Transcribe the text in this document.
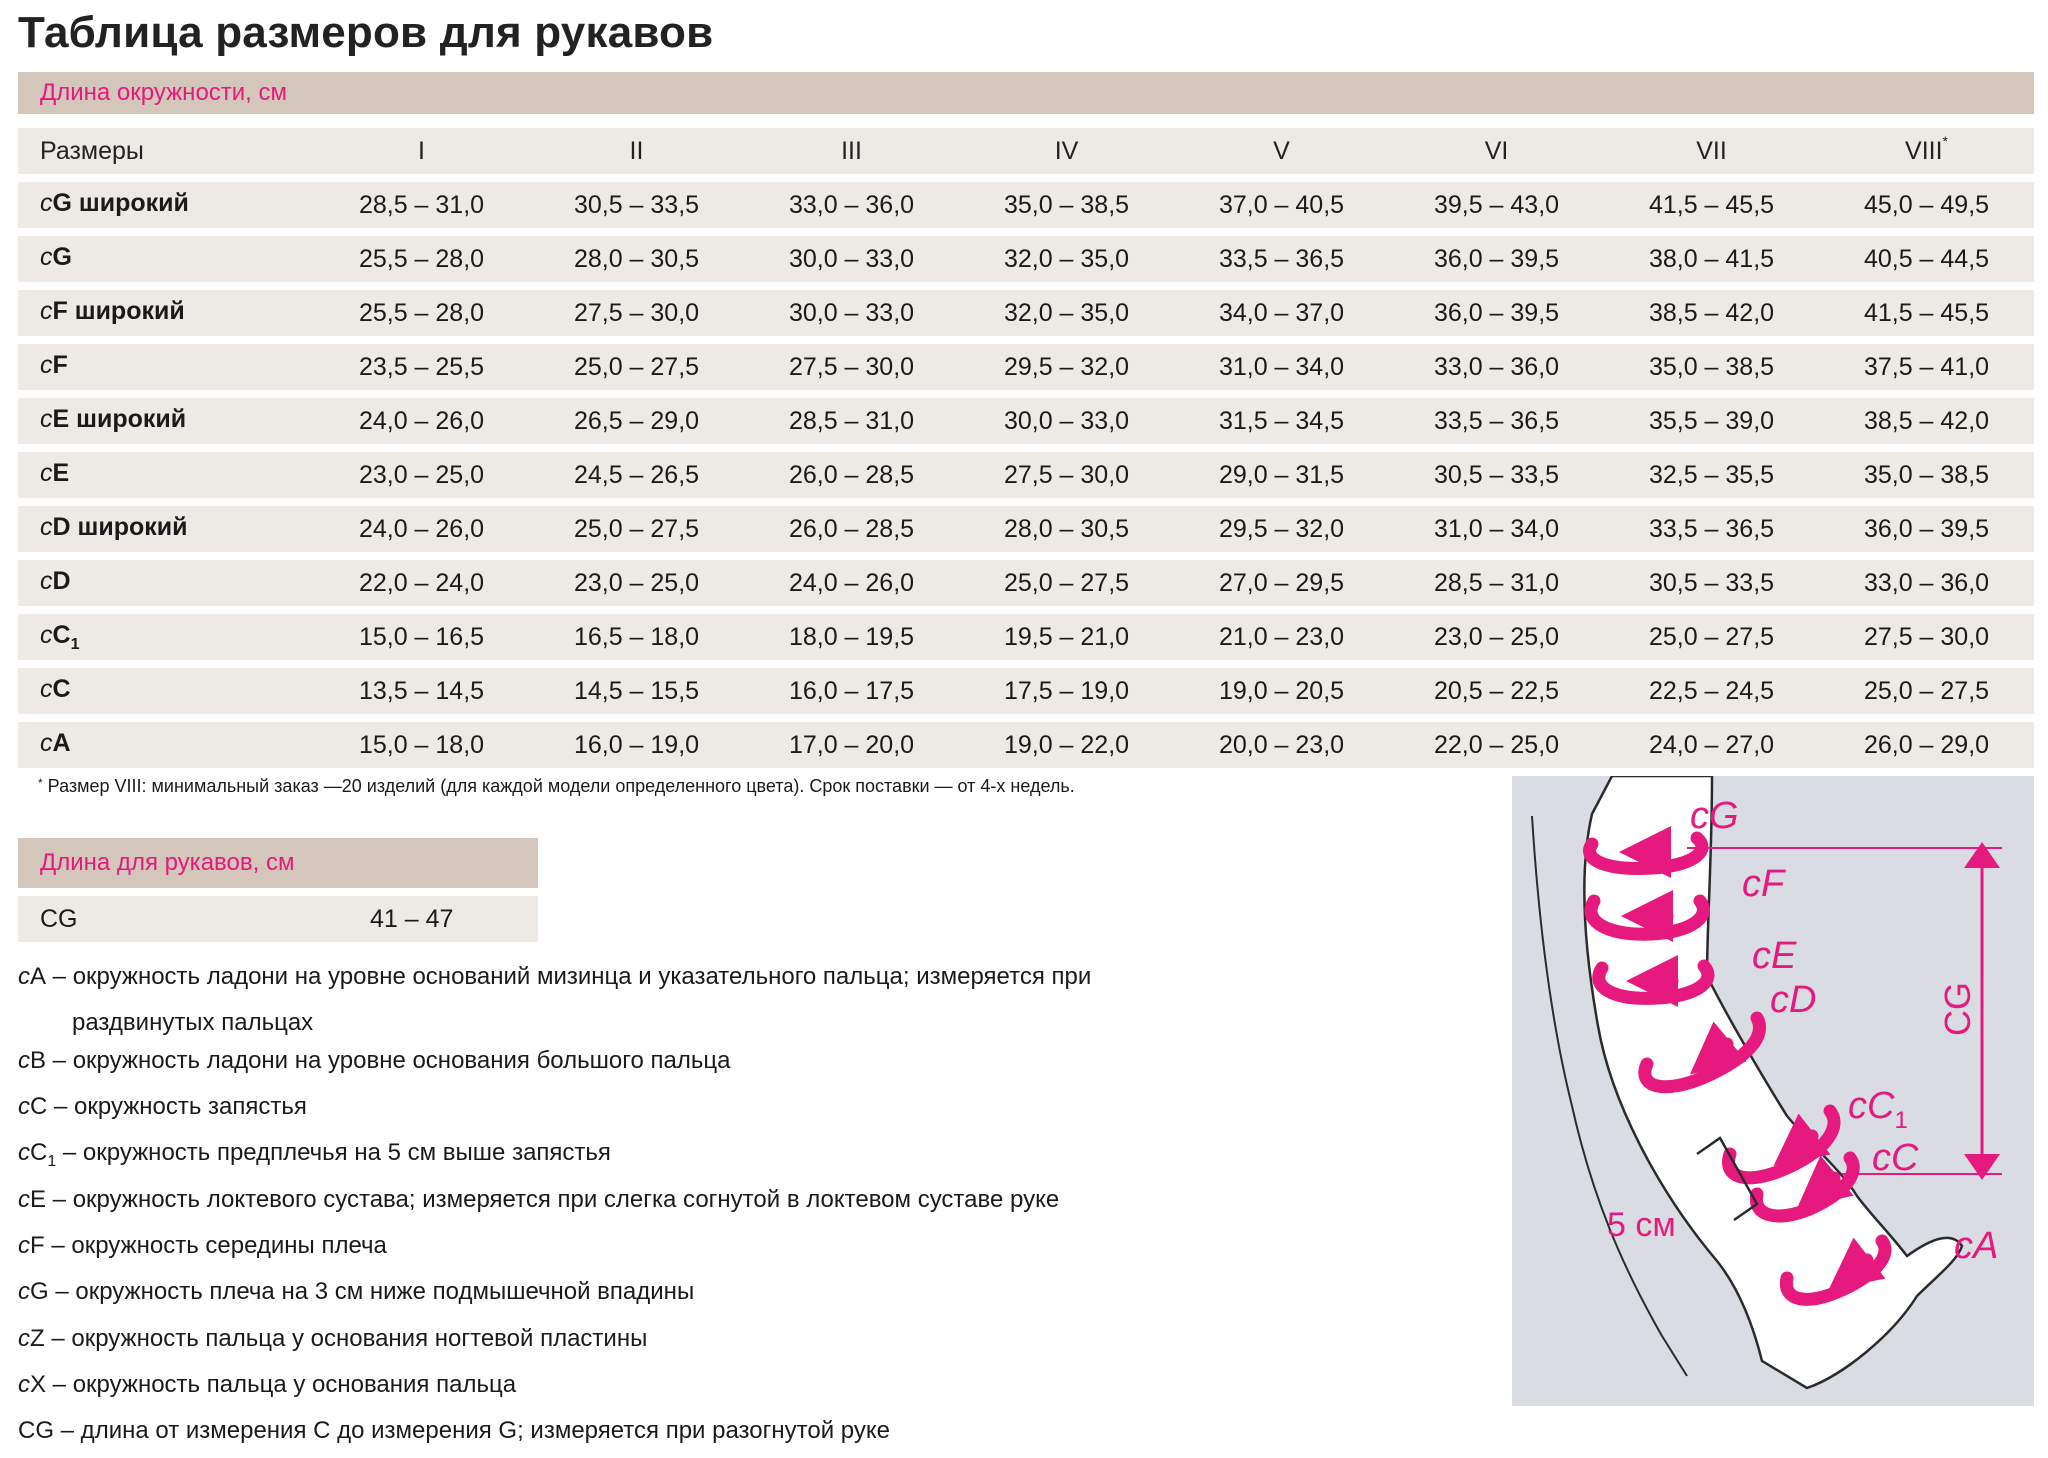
Таблица размеров для рукавов
Длина окружности, см
Размеры	I	II	III	IV	V	VI	VII	VIII*
cG широкий	28,5 – 31,0	30,5 – 33,5	33,0 – 36,0	35,0 – 38,5	37,0 – 40,5	39,5 – 43,0	41,5 – 45,5	45,0 – 49,5
cG	25,5 – 28,0	28,0 – 30,5	30,0 – 33,0	32,0 – 35,0	33,5 – 36,5	36,0 – 39,5	38,0 – 41,5	40,5 – 44,5
cF широкий	25,5 – 28,0	27,5 – 30,0	30,0 – 33,0	32,0 – 35,0	34,0 – 37,0	36,0 – 39,5	38,5 – 42,0	41,5 – 45,5
cF	23,5 – 25,5	25,0 – 27,5	27,5 – 30,0	29,5 – 32,0	31,0 – 34,0	33,0 – 36,0	35,0 – 38,5	37,5 – 41,0
cE широкий	24,0 – 26,0	26,5 – 29,0	28,5 – 31,0	30,0 – 33,0	31,5 – 34,5	33,5 – 36,5	35,5 – 39,0	38,5 – 42,0
cE	23,0 – 25,0	24,5 – 26,5	26,0 – 28,5	27,5 – 30,0	29,0 – 31,5	30,5 – 33,5	32,5 – 35,5	35,0 – 38,5
cD широкий	24,0 – 26,0	25,0 – 27,5	26,0 – 28,5	28,0 – 30,5	29,5 – 32,0	31,0 – 34,0	33,5 – 36,5	36,0 – 39,5
cD	22,0 – 24,0	23,0 – 25,0	24,0 – 26,0	25,0 – 27,5	27,0 – 29,5	28,5 – 31,0	30,5 – 33,5	33,0 – 36,0
$cC_1$	15,0 – 16,5	16,5 – 18,0	18,0 – 19,5	19,5 – 21,0	21,0 – 23,0	23,0 – 25,0	25,0 – 27,5	27,5 – 30,0
cC	13,5 – 14,5	14,5 – 15,5	16,0 – 17,5	17,5 – 19,0	19,0 – 20,5	20,5 – 22,5	22,5 – 24,5	25,0 – 27,5
cA	15,0 – 18,0	16,0 – 19,0	17,0 – 20,0	19,0 – 22,0	20,0 – 23,0	22,0 – 25,0	24,0 – 27,0	26,0 – 29,0
* Размер VIII: минимальный заказ —20 изделий (для каждой модели определенного цвета). Срок поставки — от 4-х недель.
Длина для рукавов, см
CG	41 – 47
cA – окружность ладони на уровне оснований мизинца и указательного пальца; измеряется при
раздвинутых пальцах
cB – окружность ладони на уровне основания большого пальца
cC – окружность запястья
$cC_1$ – окружность предплечья на 5 см выше запястья
cE – окружность локтевого сустава; измеряется при слегка согнутой в локтевом суставе руке
cF – окружность середины плеча
cG – окружность плеча на 3 см ниже подмышечной впадины
cZ – окружность пальца у основания ногтевой пластины
cX – окружность пальца у основания пальца
CG – длина от измерения C до измерения G; измеряется при разогнутой руке
5 см
CG
cG
cF
cE
cD
$cC_1$
cC
cA
